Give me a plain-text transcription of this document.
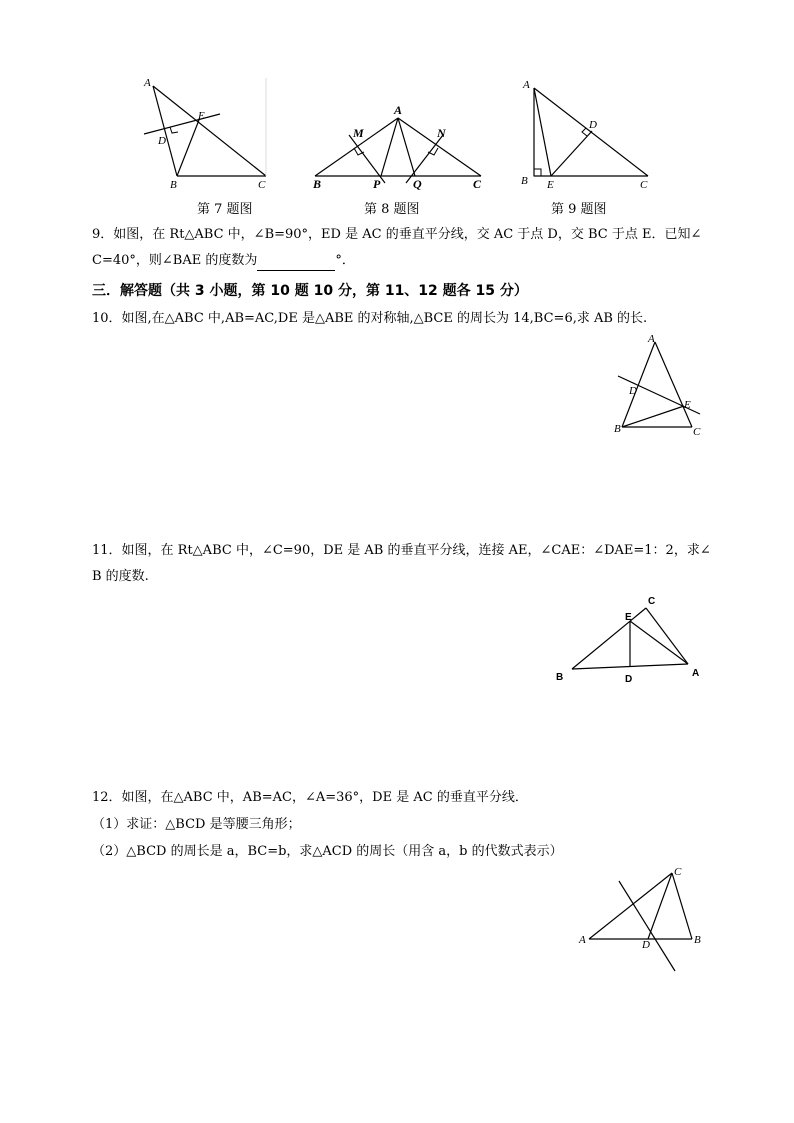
A
E
D
B	C
第 7 题图
A
M	N
B	P	Q	C
第 8 题图
A
D
B E	C
第 9 题图
9．如图，在 Rt△ABC 中，∠B=90°，ED 是 AC 的垂直平分线，交 AC 于点 D，交 BC 于点 E．已知∠
C=40°，则∠BAE 的度数为	°．
三．解答题（共 3 小题，第 10 题 10 分，第 11、12 题各 15 分）
10．如图,在△ABC 中,AB=AC,DE 是△ABE 的对称轴,△BCE 的周长为 14,BC=6,求 AB 的长.
A
D
E
B	C
11．如图，在 Rt△ABC 中，∠C=90，DE 是 AB 的垂直平分线，连接 AE，∠CAE：∠DAE=1：2，求∠
B 的度数.
C
E
B	D
A
12．如图，在△ABC 中，AB=AC，∠A=36°，DE 是 AC 的垂直平分线．
（1）求证：△BCD 是等腰三角形；
（2）△BCD 的周长是 a，BC=b，求△ACD 的周长（用含 a，b 的代数式表示）
C
A	D	B
